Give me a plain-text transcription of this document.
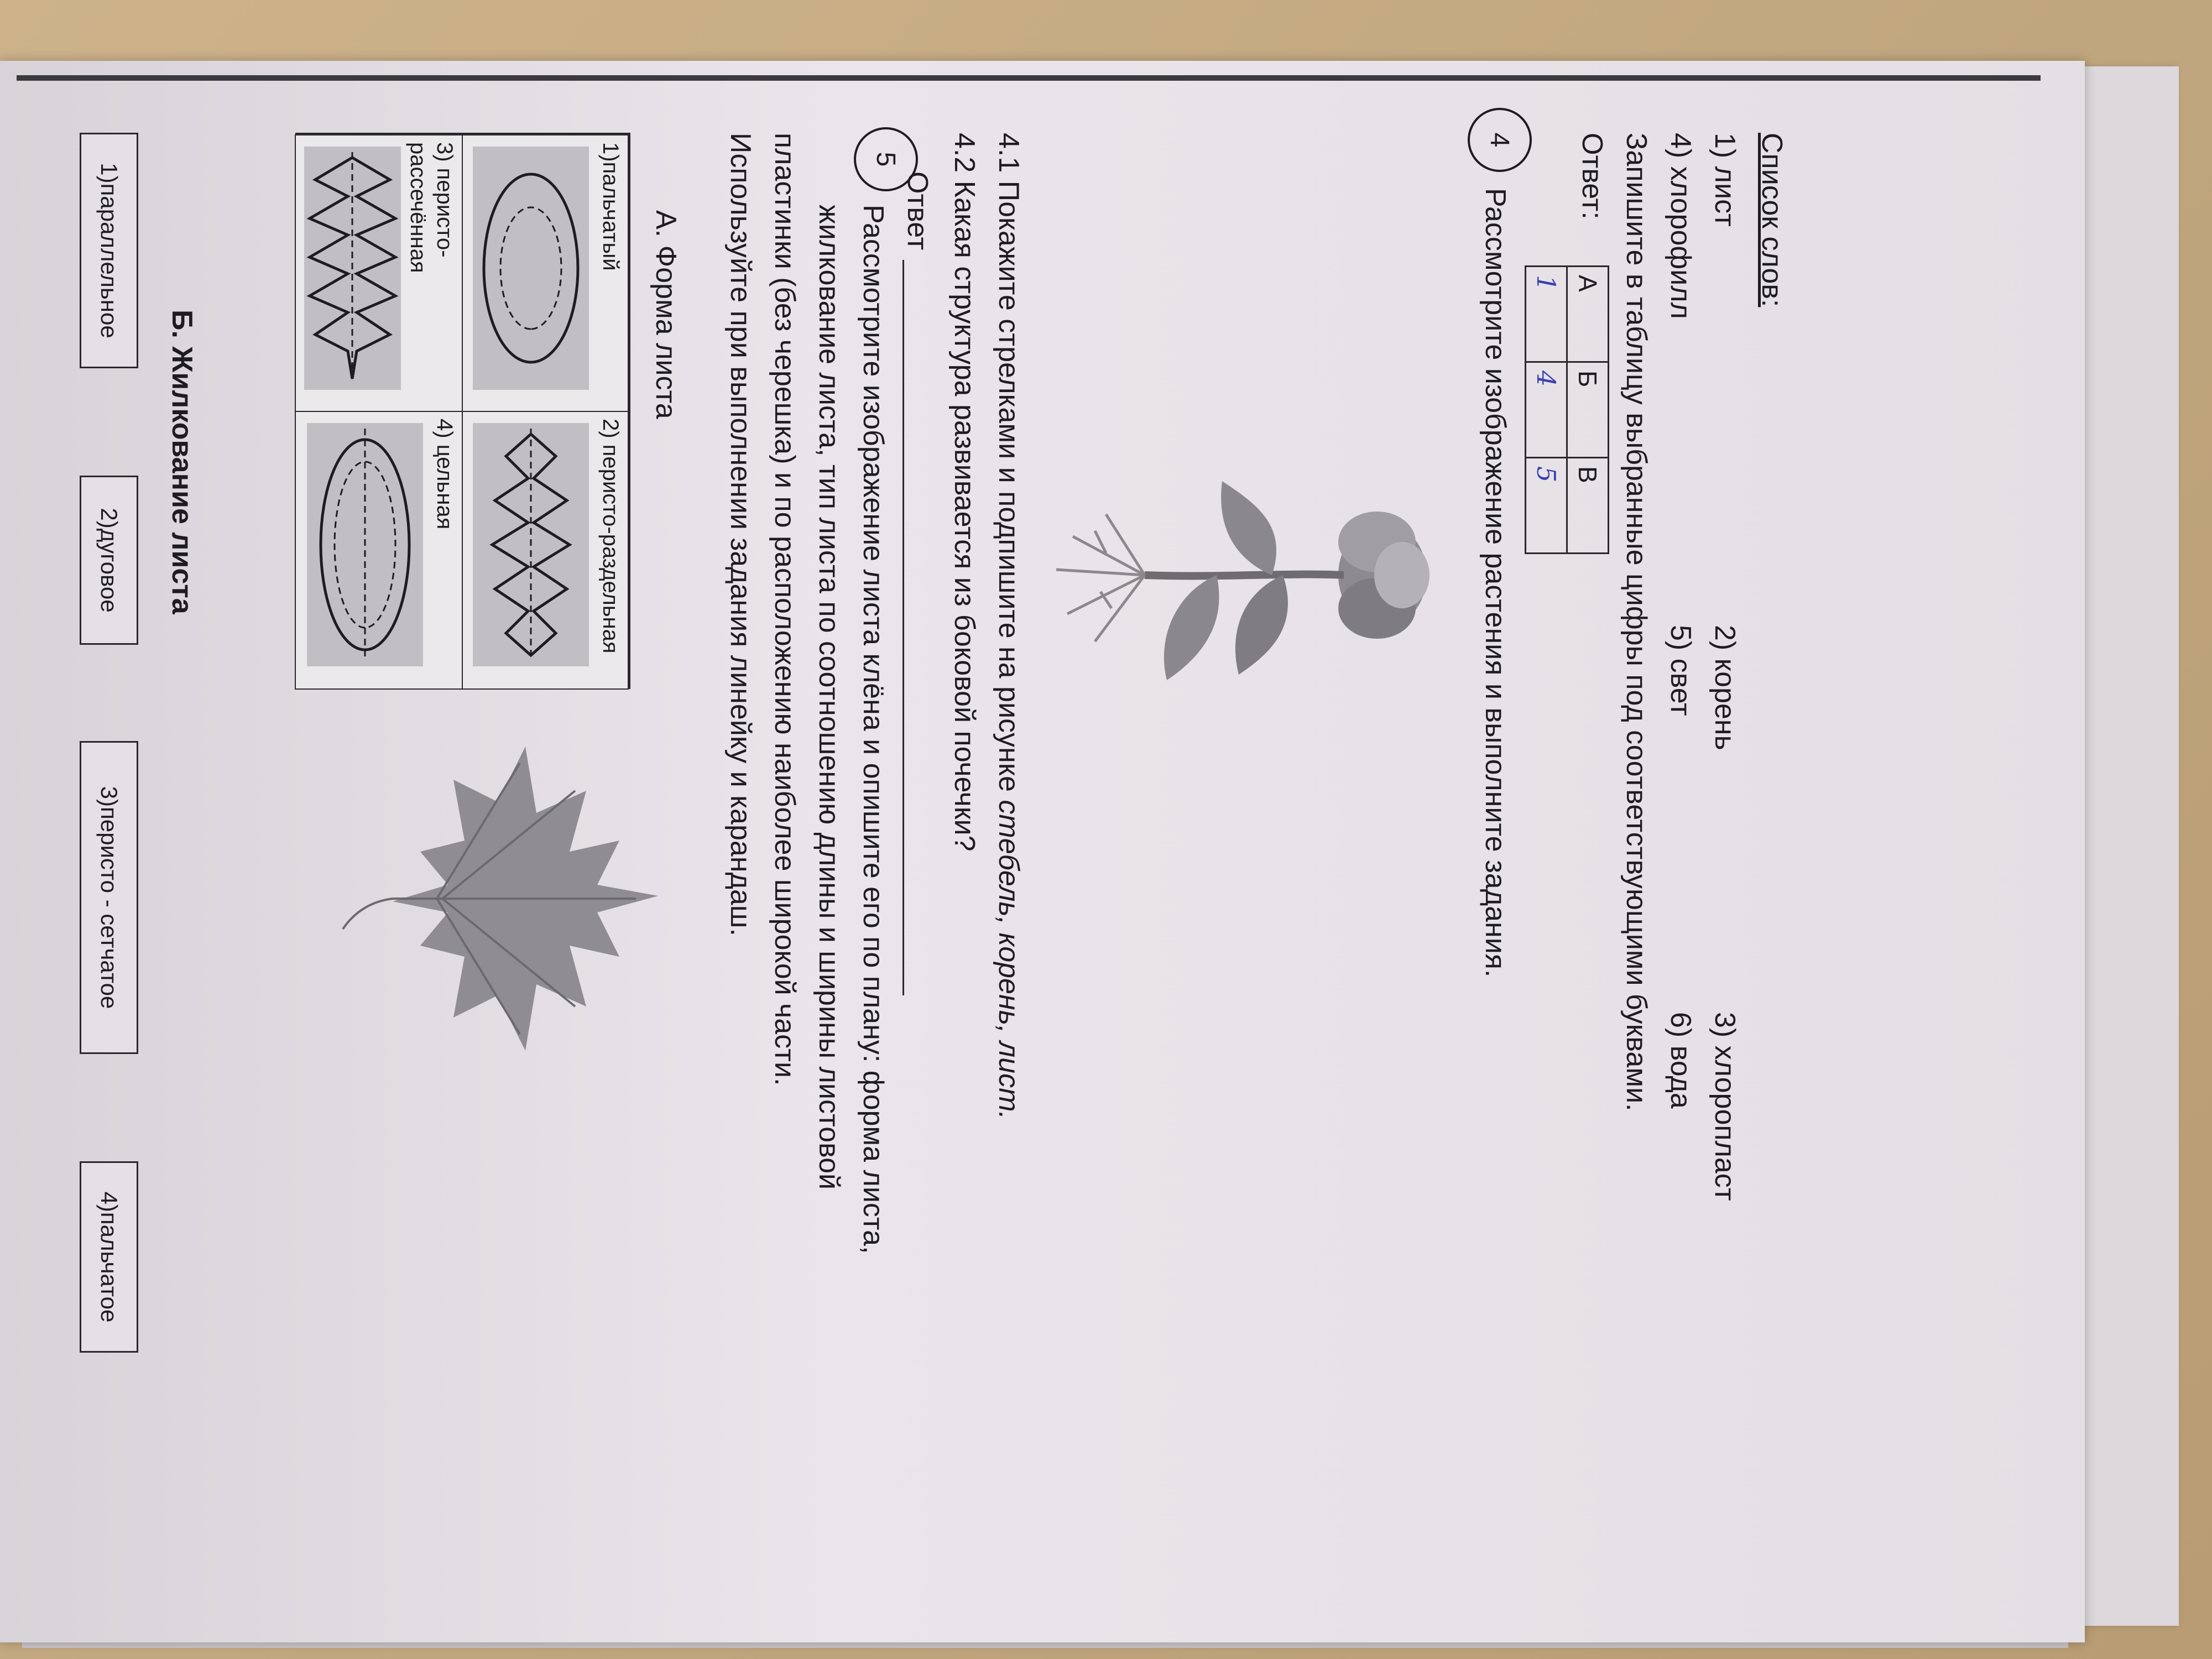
Список слов:
1) лист
2) корень
3) хлоропласт
4) хлорофилл
5) свет
6) вода
Запишите в таблицу выбранные цифры под соответствующими буквами.
Ответ:
А	Б	В
1	4	5
4
Рассмотрите изображение растения и выполните задания.
4.1 Покажите стрелками и подпишите на рисунке стебель, корень, лист.
4.2 Какая структура развивается из боковой почечки?
Ответ
5
Рассмотрите изображение листа клёна и опишите его по плану: форма листа,
жилкование листа, тип листа по соотношению длины и ширины листовой
пластинки (без черешка) и по расположению наиболее широкой части.
Используйте при выполнении задания линейку и карандаш.
А. Форма листа
1)пальчатый
2) перисто-раздельная
3) перисто-
рассечённая
4) цельная
Б. Жилкование листа
1)параллельное
2)дуговое
3)перисто - сетчатое
4)пальчатое
